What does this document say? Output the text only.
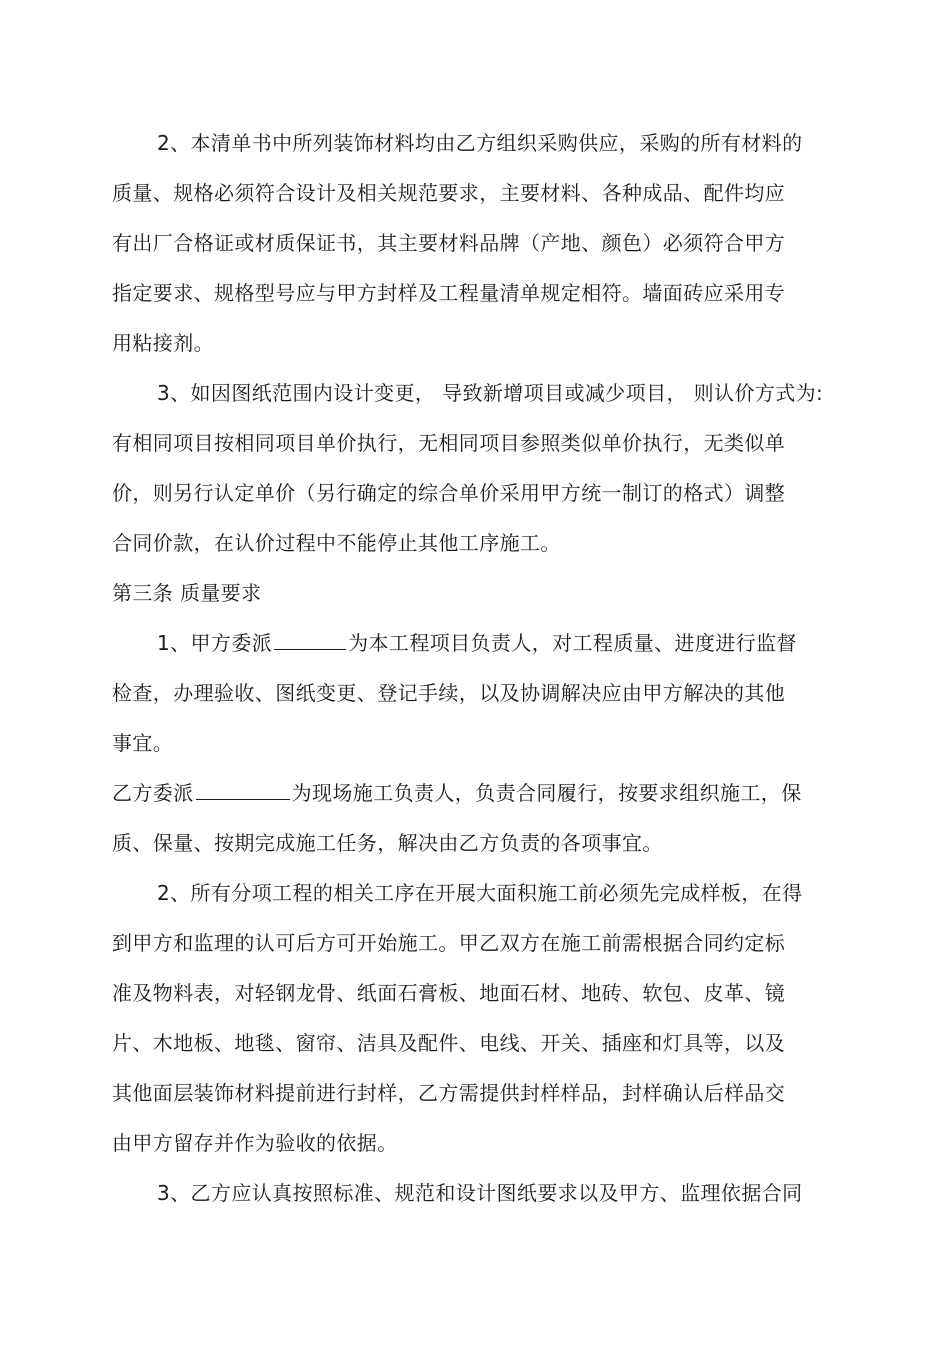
2、本清单书中所列装饰材料均由乙方组织采购供应，采购的所有材料的
质量、规格必须符合设计及相关规范要求，主要材料、各种成品、配件均应
有出厂合格证或材质保证书，其主要材料品牌（产地、颜色）必须符合甲方
指定要求、规格型号应与甲方封样及工程量清单规定相符。墙面砖应采用专
用粘接剂。
3、如因图纸范围内设计变更， 导致新增项目或减少项目， 则认价方式为:
有相同项目按相同项目单价执行，无相同项目参照类似单价执行，无类似单
价，则另行认定单价（另行确定的综合单价采用甲方统一制订的格式）调整
合同价款，在认价过程中不能停止其他工序施工。
第三条 质量要求
1、甲方委派	为本工程项目负责人，对工程质量、进度进行监督
检查，办理验收、图纸变更、登记手续，以及协调解决应由甲方解决的其他
事宜。
乙方委派	为现场施工负责人，负责合同履行，按要求组织施工，保
质、保量、按期完成施工任务，解决由乙方负责的各项事宜。
2、所有分项工程的相关工序在开展大面积施工前必须先完成样板，在得
到甲方和监理的认可后方可开始施工。甲乙双方在施工前需根据合同约定标
准及物料表，对轻钢龙骨、纸面石膏板、地面石材、地砖、软包、皮革、镜
片、木地板、地毯、窗帘、洁具及配件、电线、开关、插座和灯具等，以及
其他面层装饰材料提前进行封样，乙方需提供封样样品，封样确认后样品交
由甲方留存并作为验收的依据。
3、乙方应认真按照标准、规范和设计图纸要求以及甲方、监理依据合同
